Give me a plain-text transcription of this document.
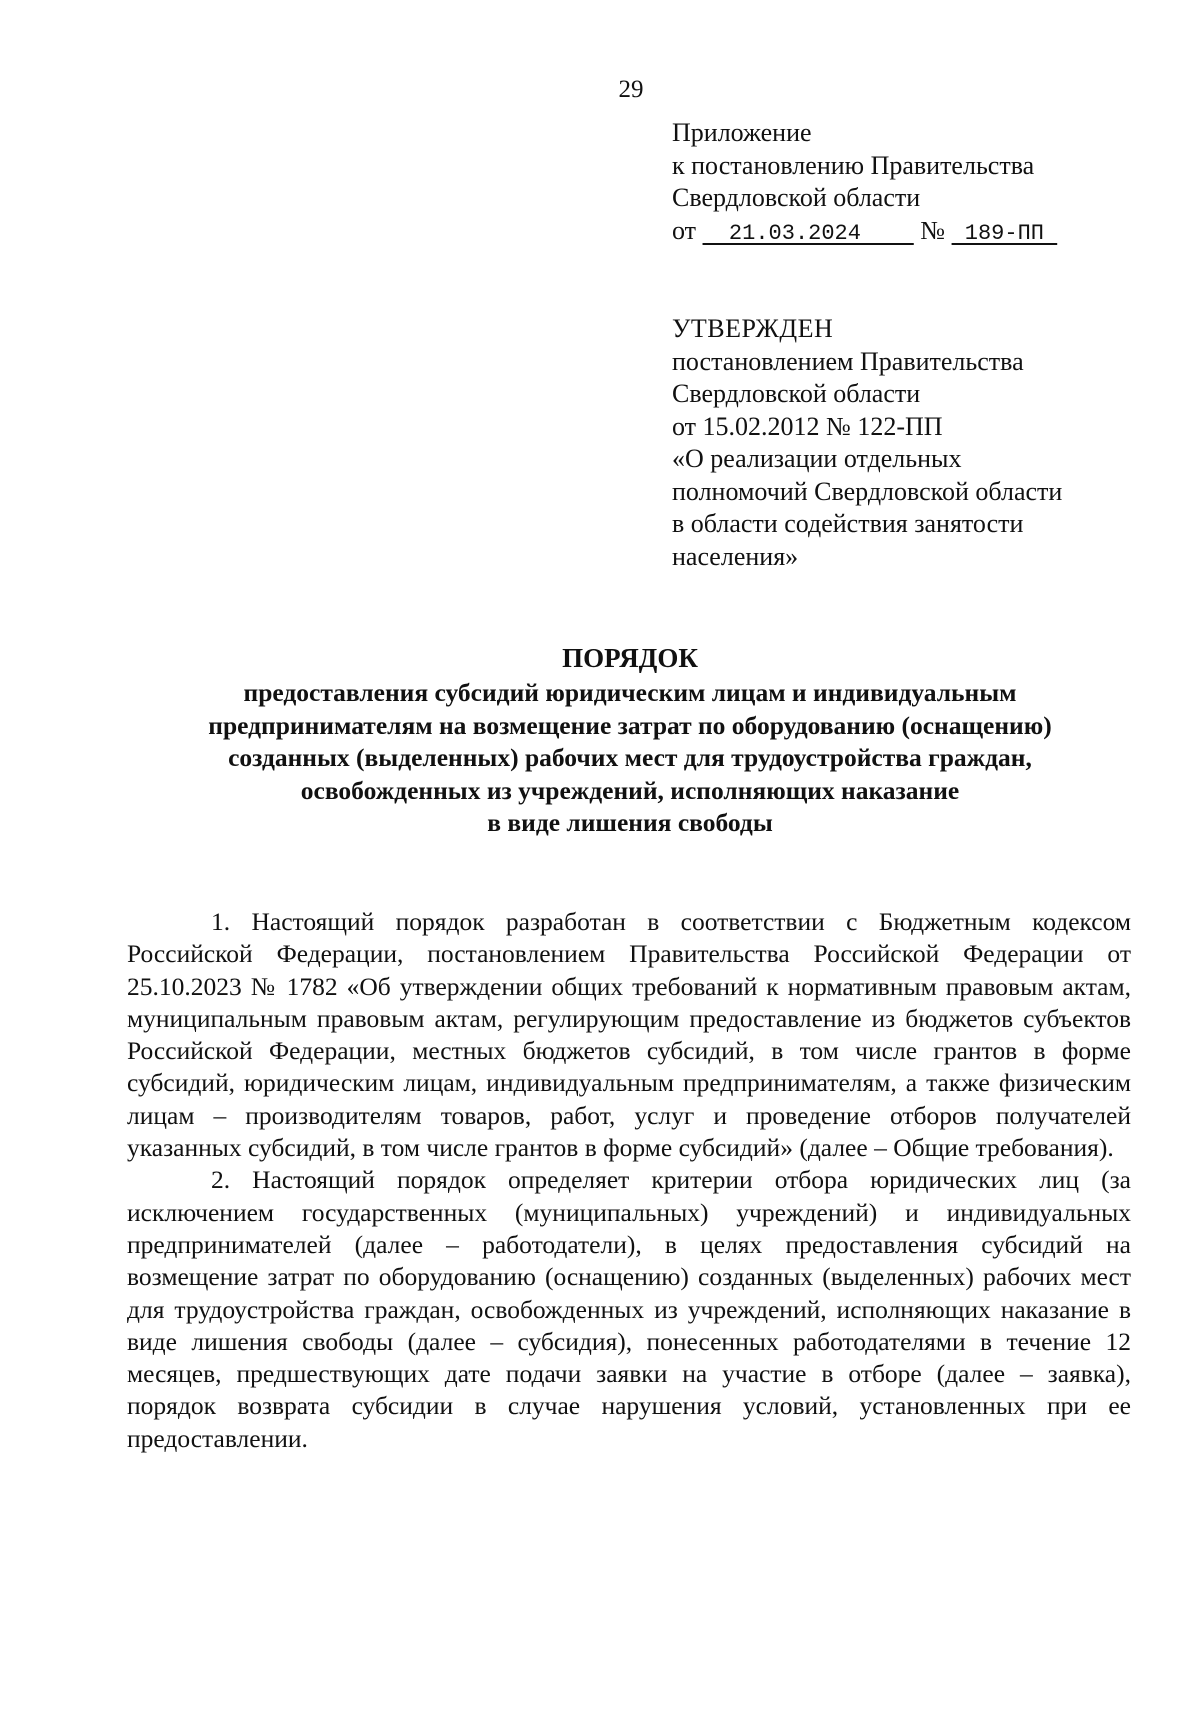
29
Приложение
к постановлению Правительства
Свердловской области
от   21.03.2024     №  189-ПП
УТВЕРЖДЕН
постановлением Правительства
Свердловской области
от 15.02.2012 № 122-ПП
«О реализации отдельных
полномочий Свердловской области
в области содействия занятости
населения»
ПОРЯДОК
предоставления субсидий юридическим лицам и индивидуальным
предпринимателям на возмещение затрат по оборудованию (оснащению)
созданных (выделенных) рабочих мест для трудоустройства граждан,
освобожденных из учреждений, исполняющих наказание
в виде лишения свободы

1. Настоящий порядок разработан в соответствии с Бюджетным кодексом Российской Федерации, постановлением Правительства Российской Федерации от 25.10.2023 № 1782 «Об утверждении общих требований к нормативным правовым актам, муниципальным правовым актам, регулирующим предоставление из бюджетов субъектов Российской Федерации, местных бюджетов субсидий, в том числе грантов в форме субсидий, юридическим лицам, индивидуальным предпринимателям, а также физическим лицам – производителям товаров, работ, услуг и проведение отборов получателей указанных субсидий, в том числе грантов в форме субсидий» (далее – Общие требования).

2. Настоящий порядок определяет критерии отбора юридических лиц (за исключением государственных (муниципальных) учреждений) и индивидуальных предпринимателей (далее – работодатели), в целях предоставления субсидий на возмещение затрат по оборудованию (оснащению) созданных (выделенных) рабочих мест для трудоустройства граждан, освобожденных из учреждений, исполняющих наказание в виде лишения свободы (далее – субсидия), понесенных работодателями в течение 12 месяцев, предшествующих дате подачи заявки на участие в отборе (далее – заявка), порядок возврата субсидии в случае нарушения условий, установленных при ее предоставлении.
